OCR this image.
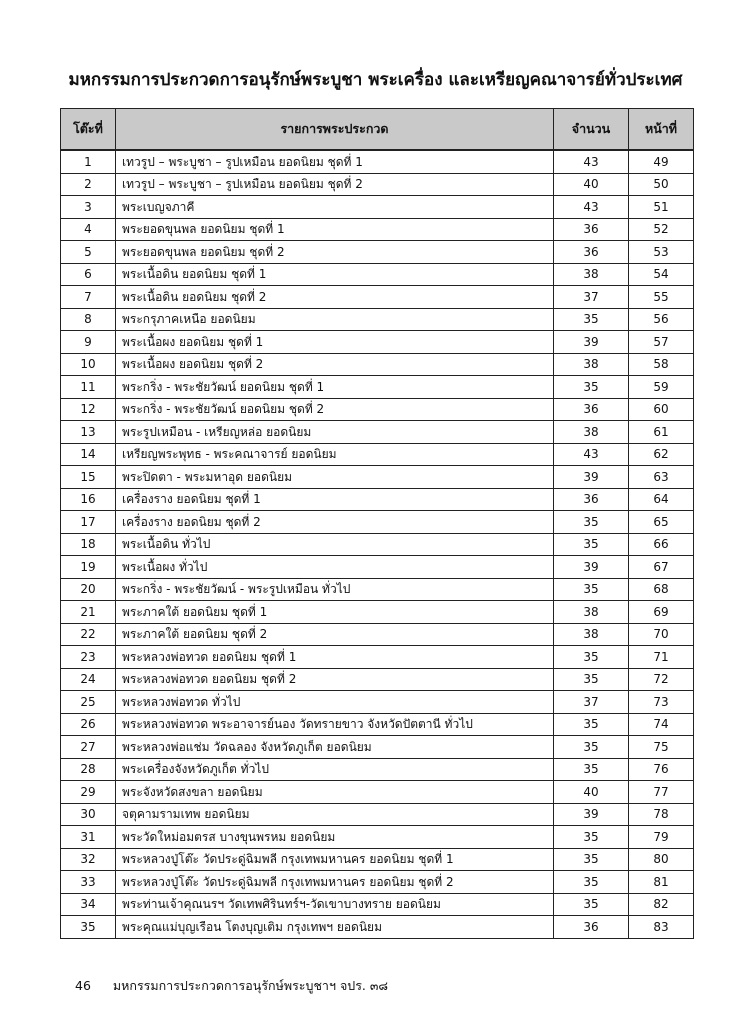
มหกรรมการประกวดการอนุรักษ์พระบูชา พระเครื่อง และเหรียญคณาจารย์ทั่วประเทศ
โต๊ะที่	รายการพระประกวด	จำนวน	หน้าที่
1	เทวรูป – พระบูชา – รูปเหมือน ยอดนิยม ชุดที่ 1	43	49
2	เทวรูป – พระบูชา – รูปเหมือน ยอดนิยม ชุดที่ 2	40	50
3	พระเบญจภาคี	43	51
4	พระยอดขุนพล ยอดนิยม ชุดที่ 1	36	52
5	พระยอดขุนพล ยอดนิยม ชุดที่ 2	36	53
6	พระเนื้อดิน ยอดนิยม ชุดที่ 1	38	54
7	พระเนื้อดิน ยอดนิยม ชุดที่ 2	37	55
8	พระกรุภาคเหนือ ยอดนิยม	35	56
9	พระเนื้อผง ยอดนิยม ชุดที่ 1	39	57
10	พระเนื้อผง ยอดนิยม ชุดที่ 2	38	58
11	พระกริ่ง - พระชัยวัฒน์ ยอดนิยม ชุดที่ 1	35	59
12	พระกริ่ง - พระชัยวัฒน์ ยอดนิยม ชุดที่ 2	36	60
13	พระรูปเหมือน - เหรียญหล่อ ยอดนิยม	38	61
14	เหรียญพระพุทธ - พระคณาจารย์ ยอดนิยม	43	62
15	พระปิดตา - พระมหาอุด ยอดนิยม	39	63
16	เครื่องราง ยอดนิยม ชุดที่ 1	36	64
17	เครื่องราง ยอดนิยม ชุดที่ 2	35	65
18	พระเนื้อดิน ทั่วไป	35	66
19	พระเนื้อผง ทั่วไป	39	67
20	พระกริ่ง - พระชัยวัฒน์ - พระรูปเหมือน ทั่วไป	35	68
21	พระภาคใต้ ยอดนิยม ชุดที่ 1	38	69
22	พระภาคใต้ ยอดนิยม ชุดที่ 2	38	70
23	พระหลวงพ่อทวด ยอดนิยม ชุดที่ 1	35	71
24	พระหลวงพ่อทวด ยอดนิยม ชุดที่ 2	35	72
25	พระหลวงพ่อทวด ทั่วไป	37	73
26	พระหลวงพ่อทวด พระอาจารย์นอง วัดทรายขาว จังหวัดปัตตานี ทั่วไป	35	74
27	พระหลวงพ่อแช่ม วัดฉลอง จังหวัดภูเก็ต ยอดนิยม	35	75
28	พระเครื่องจังหวัดภูเก็ต ทั่วไป	35	76
29	พระจังหวัดสงขลา ยอดนิยม	40	77
30	จตุคามรามเทพ ยอดนิยม	39	78
31	พระวัดใหม่อมตรส บางขุนพรหม ยอดนิยม	35	79
32	พระหลวงปู่โต๊ะ วัดประดู่ฉิมพลี กรุงเทพมหานคร ยอดนิยม ชุดที่ 1	35	80
33	พระหลวงปู่โต๊ะ วัดประดู่ฉิมพลี กรุงเทพมหานคร ยอดนิยม ชุดที่ 2	35	81
34	พระท่านเจ้าคุณนรฯ วัดเทพศิรินทร์ฯ-วัดเขาบางทราย ยอดนิยม	35	82
35	พระคุณแม่บุญเรือน โตงบุญเติม กรุงเทพฯ ยอดนิยม	36	83
46 มหกรรมการประกวดการอนุรักษ์พระบูชาฯ จปร. ๓๘
